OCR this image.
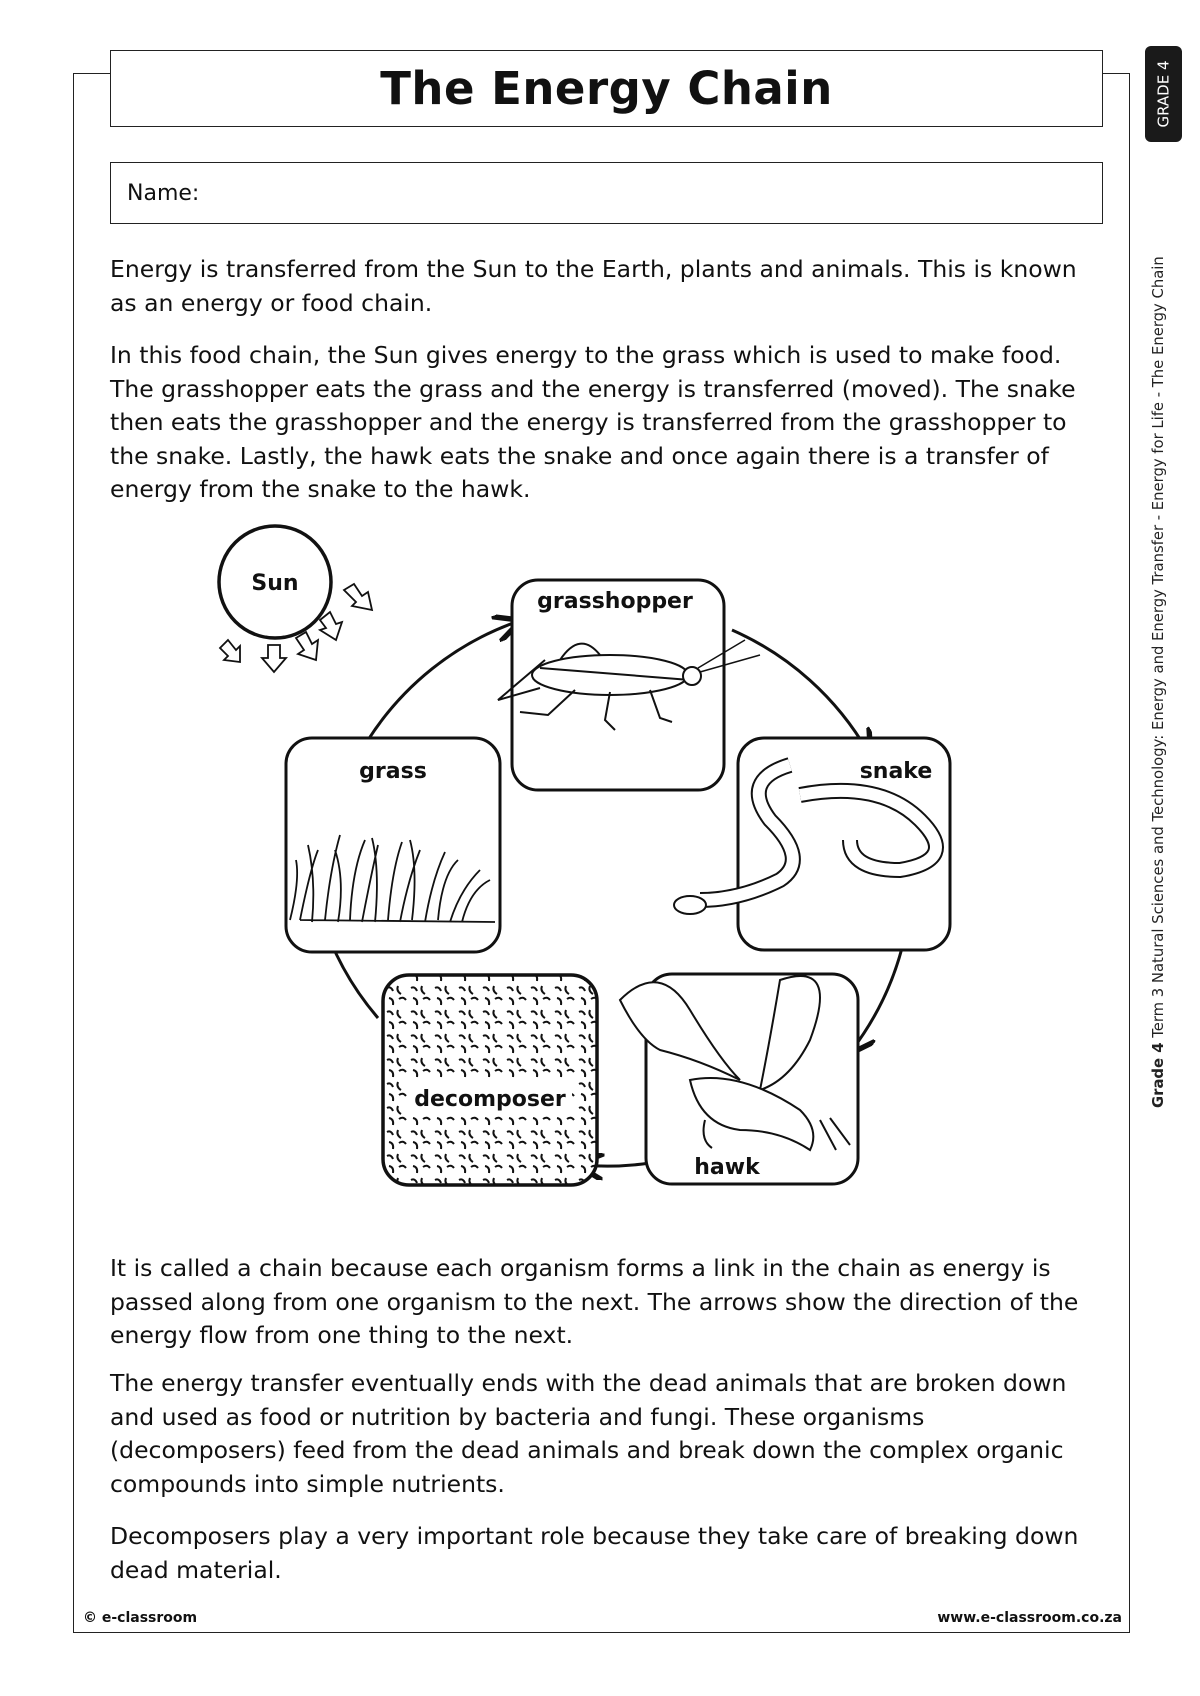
The Energy Chain
Name:

Energy is transferred from the Sun to the Earth, plants and animals. This is known as an energy or food chain.

In this food chain, the Sun gives energy to the grass which is used to make food. The grasshopper eats the grass and the energy is transferred (moved). The snake then eats the grasshopper and the energy is transferred from the grasshopper to the snake. Lastly, the hawk eats the snake and once again there is a transfer of energy from the snake to the hawk.

Sun
grasshopper
snake
grass
decomposer
hawk

It is called a chain because each organism forms a link in the chain as energy is passed along from one organism to the next. The arrows show the direction of the energy flow from one thing to the next.

The energy transfer eventually ends with the dead animals that are broken down and used as food or nutrition by bacteria and fungi. These organisms (decomposers) feed from the dead animals and break down the complex organic compounds into simple nutrients.

Decomposers play a very important role because they take care of breaking down dead material.

GRADE 4
Grade 4 Term 3 Natural Sciences and Technology: Energy and Energy Transfer - Energy for Life - The Energy Chain
© e-classroom	www.e-classroom.co.za
